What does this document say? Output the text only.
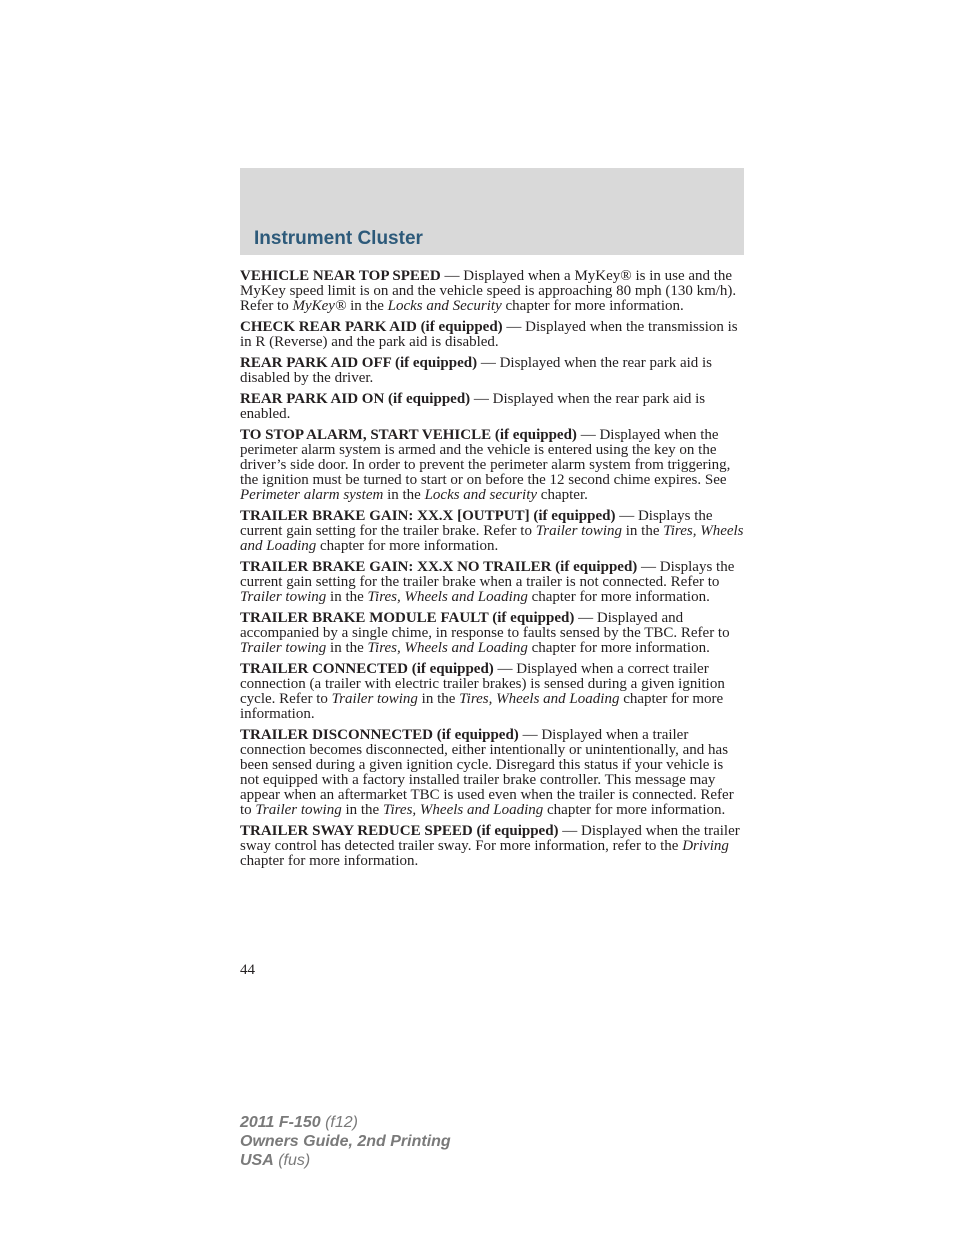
Instrument Cluster

VEHICLE NEAR TOP SPEED — Displayed when a MyKey® is in use and the MyKey speed limit is on and the vehicle speed is approaching 80 mph (130 km/h). Refer to MyKey® in the Locks and Security chapter for more information.

CHECK REAR PARK AID (if equipped) — Displayed when the transmission is in R (Reverse) and the park aid is disabled.

REAR PARK AID OFF (if equipped) — Displayed when the rear park aid is disabled by the driver.

REAR PARK AID ON (if equipped) — Displayed when the rear park aid is enabled.

TO STOP ALARM, START VEHICLE (if equipped) — Displayed when the perimeter alarm system is armed and the vehicle is entered using the key on the driver’s side door. In order to prevent the perimeter alarm system from triggering, the ignition must be turned to start or on before the 12 second chime expires. See Perimeter alarm system in the Locks and security chapter.

TRAILER BRAKE GAIN: XX.X [OUTPUT] (if equipped) — Displays the current gain setting for the trailer brake. Refer to Trailer towing in the Tires, Wheels and Loading chapter for more information.

TRAILER BRAKE GAIN: XX.X NO TRAILER (if equipped) — Displays the current gain setting for the trailer brake when a trailer is not connected. Refer to Trailer towing in the Tires, Wheels and Loading chapter for more information.

TRAILER BRAKE MODULE FAULT (if equipped) — Displayed and accompanied by a single chime, in response to faults sensed by the TBC. Refer to Trailer towing in the Tires, Wheels and Loading chapter for more information.

TRAILER CONNECTED (if equipped) — Displayed when a correct trailer connection (a trailer with electric trailer brakes) is sensed during a given ignition cycle. Refer to Trailer towing in the Tires, Wheels and Loading chapter for more information.

TRAILER DISCONNECTED (if equipped) — Displayed when a trailer connection becomes disconnected, either intentionally or unintentionally, and has been sensed during a given ignition cycle. Disregard this status if your vehicle is not equipped with a factory installed trailer brake controller. This message may appear when an aftermarket TBC is used even when the trailer is connected. Refer to Trailer towing in the Tires, Wheels and Loading chapter for more information.

TRAILER SWAY REDUCE SPEED (if equipped) — Displayed when the trailer sway control has detected trailer sway. For more information, refer to the Driving chapter for more information.

44
2011 F-150 (f12)
Owners Guide, 2nd Printing
USA (fus)
